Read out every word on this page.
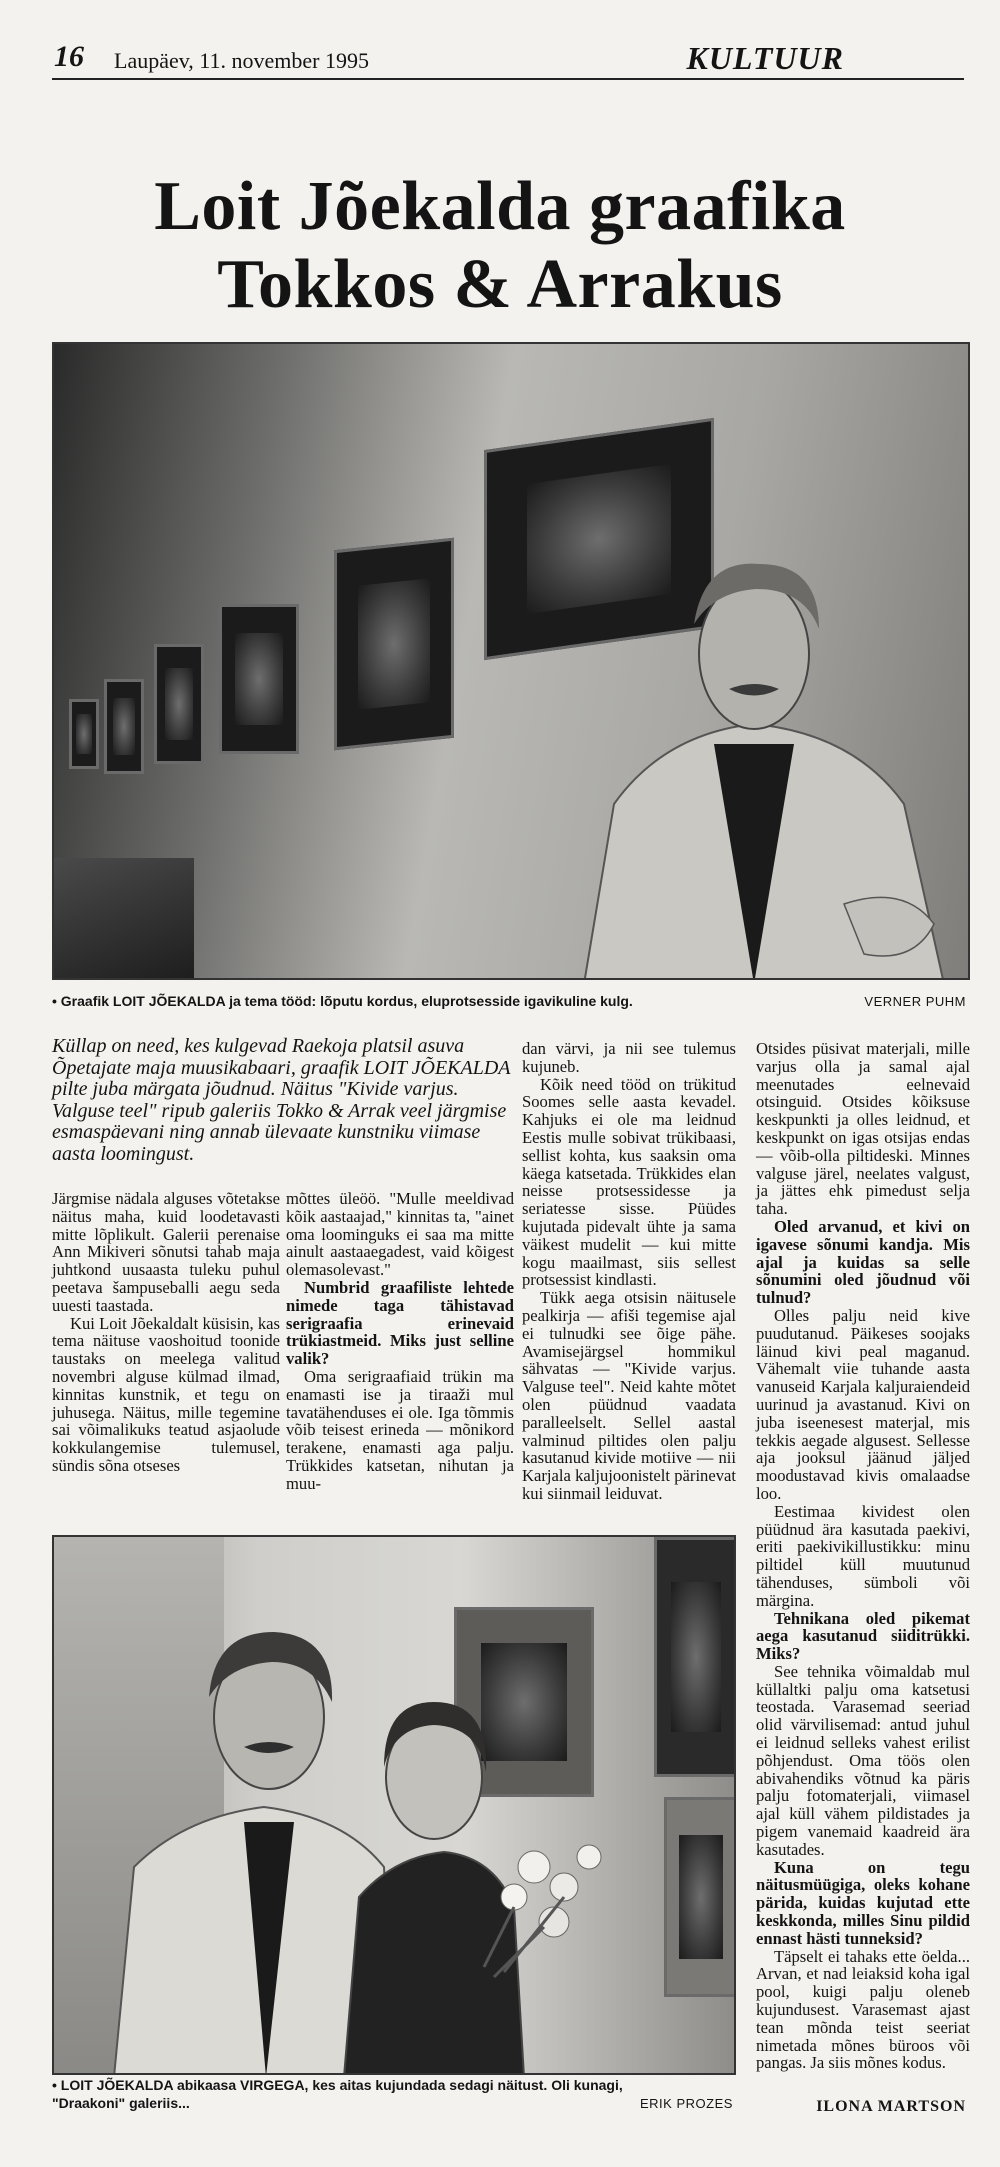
16 Laupäev, 11. november 1995	KULTUUR
Loit Jõekalda graafika Tokkos & Arrakus
• Graafik LOIT JÕEKALDA ja tema tööd: lõputu kordus, eluprotsesside igavikuline kulg.	VERNER PUHM
Küllap on need, kes kulgevad Raekoja platsil asuva Õpetajate maja muusikabaari, graafik LOIT JÕEKALDA pilte juba märgata jõudnud. Näitus "Kivide varjus. Valguse teel" ripub galeriis Tokko & Arrak veel järgmise esmaspäevani ning annab ülevaate kunstniku viimase aasta loomingust.

Järgmise nädala alguses võtetakse näitus maha, kuid loodetavasti mitte lõplikult. Galerii perenaise Ann Mikiveri sõnutsi tahab maja juhtkond uusaasta tuleku puhul peetava šampuseballi aegu seda uuesti taastada.

Kui Loit Jõekaldalt küsisin, kas tema näituse vaoshoitud toonide taustaks on meelega valitud novembri alguse külmad ilmad, kinnitas kunstnik, et tegu on juhusega. Näitus, mille tegemine sai võimalikuks teatud asjaolude kokkulangemise tulemusel, sündis sõna otseses

mõttes üleöö. "Mulle meeldivad kõik aastaajad," kinnitas ta, "ainet oma loominguks ei saa ma mitte ainult aastaaegadest, vaid kõigest olemasolevast."

Numbrid graafiliste lehtede nimede taga tähistavad serigraafia erinevaid trükiastmeid. Miks just selline valik?

Oma serigraafiaid trükin ma enamasti ise ja tiraaži mul tavatähenduses ei ole. Iga tõmmis võib teisest erineda — mõnikord terakene, enamasti aga palju. Trükkides katsetan, nihutan ja muu-

dan värvi, ja nii see tulemus kujuneb.

Kõik need tööd on trükitud Soomes selle aasta kevadel. Kahjuks ei ole ma leidnud Eestis mulle sobivat trükibaasi, sellist kohta, kus saaksin oma käega katsetada. Trükkides elan neisse protsessidesse ja seriatesse sisse. Püüdes kujutada pidevalt ühte ja sama väikest mudelit — kui mitte kogu maailmast, siis sellest protsessist kindlasti.

Tükk aega otsisin näitusele pealkirja — afiši tegemise ajal ei tulnudki see õige pähe. Avamisejärgsel hommikul sähvatas — "Kivide varjus. Valguse teel". Neid kahte mõtet olen püüdnud vaadata paralleelselt. Sellel aastal valminud piltides olen palju kasutanud kivide motiive — nii Karjala kaljujoonistelt pärinevat kui siinmail leiduvat.

Otsides püsivat materjali, mille varjus olla ja samal ajal meenutades eelnevaid otsinguid. Otsides kõiksuse keskpunkti ja olles leidnud, et keskpunkt on igas otsijas endas — võib-olla piltideski. Minnes valguse järel, neelates valgust, ja jättes ehk pimedust selja taha.

Oled arvanud, et kivi on igavese sõnumi kandja. Mis ajal ja kuidas sa selle sõnumini oled jõudnud või tulnud?

Olles palju neid kive puudutanud. Päikeses soojaks läinud kivi peal maganud. Vähemalt viie tuhande aasta vanuseid Karjala kaljuraiendeid uurinud ja avastanud. Kivi on juba iseenesest materjal, mis tekkis aegade algusest. Sellesse aja jooksul jäänud jäljed moodustavad kivis omalaadse loo.

Eestimaa kividest olen püüdnud ära kasutada paekivi, eriti paekivikillustikku: minu piltidel küll muutunud tähenduses, sümboli või märgina.

Tehnikana oled pikemat aega kasutanud siiditrükki. Miks?

See tehnika võimaldab mul küllaltki palju oma katsetusi teostada. Varasemad seeriad olid värvilisemad: antud juhul ei leidnud selleks vahest erilist põhjendust. Oma töös olen abivahendiks võtnud ka päris palju fotomaterjali, viimasel ajal küll vähem pildistades ja pigem vanemaid kaadreid ära kasutades.

Kuna on tegu näitusmüügiga, oleks kohane pärida, kuidas kujutad ette keskkonda, milles Sinu pildid ennast hästi tunneksid?

Täpselt ei tahaks ette öelda... Arvan, et nad leiaksid koha igal pool, kuigi palju oleneb kujundusest. Varasemast ajast tean mõnda teist seeriat nimetada mõnes büroos või pangas. Ja siis mõnes kodus.

• LOIT JÕEKALDA abikaasa VIRGEGA, kes aitas kujundada sedagi näitust. Oli kunagi, "Draakoni" galeriis...	ERIK PROZES	ILONA MARTSON
